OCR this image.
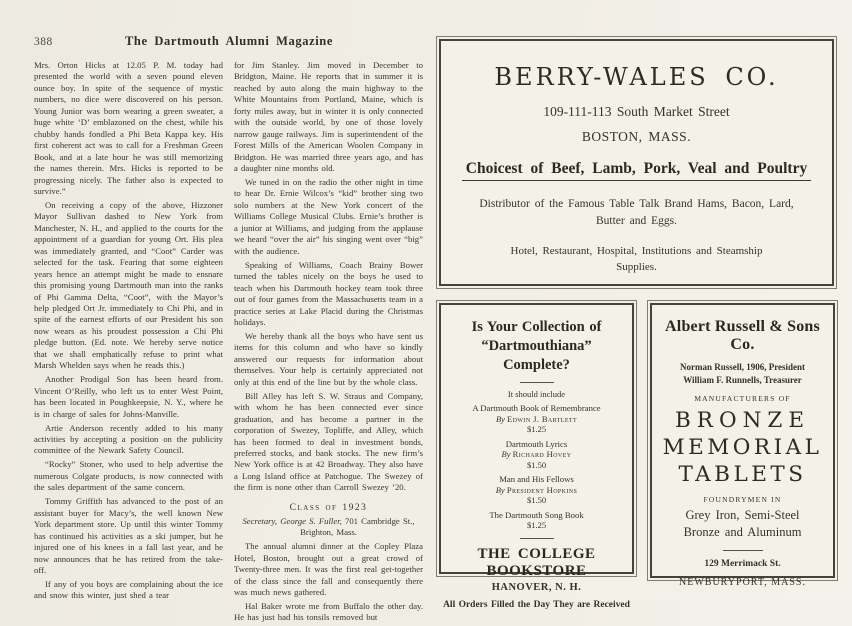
388	The Dartmouth Alumni Magazine

Mrs. Orton Hicks at 12.05 P. M. today had presented the world with a seven pound eleven ounce boy. In spite of the sequence of mystic numbers, no dice were discovered on his person. Young Junior was born wearing a green sweater, a huge white ‘D’ emblazoned on the chest, while his chubby hands fondled a Phi Beta Kappa key. His first coherent act was to call for a Freshman Green Book, and at a late hour he was still memorizing the names therein. Mrs. Hicks is reported to be progressing nicely. The father also is expected to survive.”

On receiving a copy of the above, Hizzoner Mayor Sullivan dashed to New York from Manchester, N. H., and applied to the courts for the appointment of a guardian for young Ort. His plea was immediately granted, and “Coot” Carder was selected for the task. Fearing that some eighteen years hence an attempt might be made to ensnare this promising young Dartmouth man into the ranks of Phi Gamma Delta, “Coot”, with the Mayor’s help pledged Ort Jr. immediately to Chi Phi, and in spite of the earnest efforts of our President his son now wears as his proudest possession a Chi Phi pledge button. (Ed. note. We hereby serve notice that we shall emphatically refuse to print what Marsh Whelden says when he reads this.)

Another Prodigal Son has been heard from. Vincent O’Reilly, who left us to enter West Point, has been located in Poughkeepsie, N. Y., where he is in charge of sales for Johns-Manville.

Artie Anderson recently added to his many activities by accepting a position on the publicity committee of the Newark Safety Council.

“Rocky” Stoner, who used to help advertise the numerous Colgate products, is now connected with the sales department of the same concern.

Tommy Griffith has advanced to the post of an assistant buyer for Macy’s, the well known New York department store. Up until this winter Tommy has continued his activities as a ski jumper, but he injured one of his knees in a fall last year, and he now announces that he has retired from the take-off.

If any of you boys are complaining about the ice and snow this winter, just shed a tear

for Jim Stanley. Jim moved in December to Bridgton, Maine. He reports that in summer it is reached by auto along the main highway to the White Mountains from Portland, Maine, which is forty miles away, but in winter it is only connected with the outside world, by one of those lovely narrow gauge railways. Jim is superintendent of the Forest Mills of the American Woolen Company in Bridgton. He was married three years ago, and has a daughter nine months old.

We tuned in on the radio the other night in time to hear Dr. Ernie Wilcox’s “kid” brother sing two solo numbers at the New York concert of the Williams College Musical Clubs. Ernie’s brother is a junior at Williams, and judging from the applause we heard “over the air” his singing went over “big” with the audience.

Speaking of Williams, Coach Brainy Bower turned the tables nicely on the boys he used to teach when his Dartmouth hockey team took three out of four games from the Massachusetts team in a practice series at Lake Placid during the Christmas holidays.

We hereby thank all the boys who have sent us items for this column and who have so kindly answered our requests for information about themselves. Your help is certainly appreciated not only at this end of the line but by the whole class.

Bill Alley has left S. W. Straus and Company, with whom he has been connected ever since graduation, and has become a partner in the corporation of Swezey, Topliffe, and Alley, which has been formed to deal in investment bonds, preferred stocks, and bank stocks. The new firm’s New York office is at 42 Broadway. They also have a Long Island office at Patchogue. The Swezey of the firm is none other than Carroll Swezey ’20.

Class of 1923
Secretary, George S. Fuller, 701 Cambridge St., Brighton, Mass.

The annual alumni dinner at the Copley Plaza Hotel, Boston, brought out a great crowd of Twenty-three men. It was the first real get-together of the class since the fall and consequently there was much news gathered.

Hal Baker wrote me from Buffalo the other day. He has just had his tonsils removed but

BERRY-WALES CO.
109-111-113 South Market Street
BOSTON, MASS.
Choicest of Beef, Lamb, Pork, Veal and Poultry
Distributor of the Famous Table Talk Brand Hams, Bacon, Lard, Butter and Eggs.
Hotel, Restaurant, Hospital, Institutions and Steamship Supplies.
Is Your Collection of “Dartmouthiana” Complete?
It should include
A Dartmouth Book of Remembrance
By Edwin J. Bartlett
$1.25
Dartmouth Lyrics
By Richard Hovey
$1.50
Man and His Fellows
By President Hopkins
$1.50
The Dartmouth Song Book
$1.25
THE COLLEGE BOOKSTORE
HANOVER, N. H.
All Orders Filled the Day They are Received
Albert Russell & Sons Co.
Norman Russell, 1906, President
William F. Runnells, Treasurer
MANUFACTURERS OF
BRONZE
MEMORIAL
TABLETS
FOUNDRYMEN IN
Grey Iron, Semi-Steel
Bronze and Aluminum
129 Merrimack St.
NEWBURYPORT, MASS.
